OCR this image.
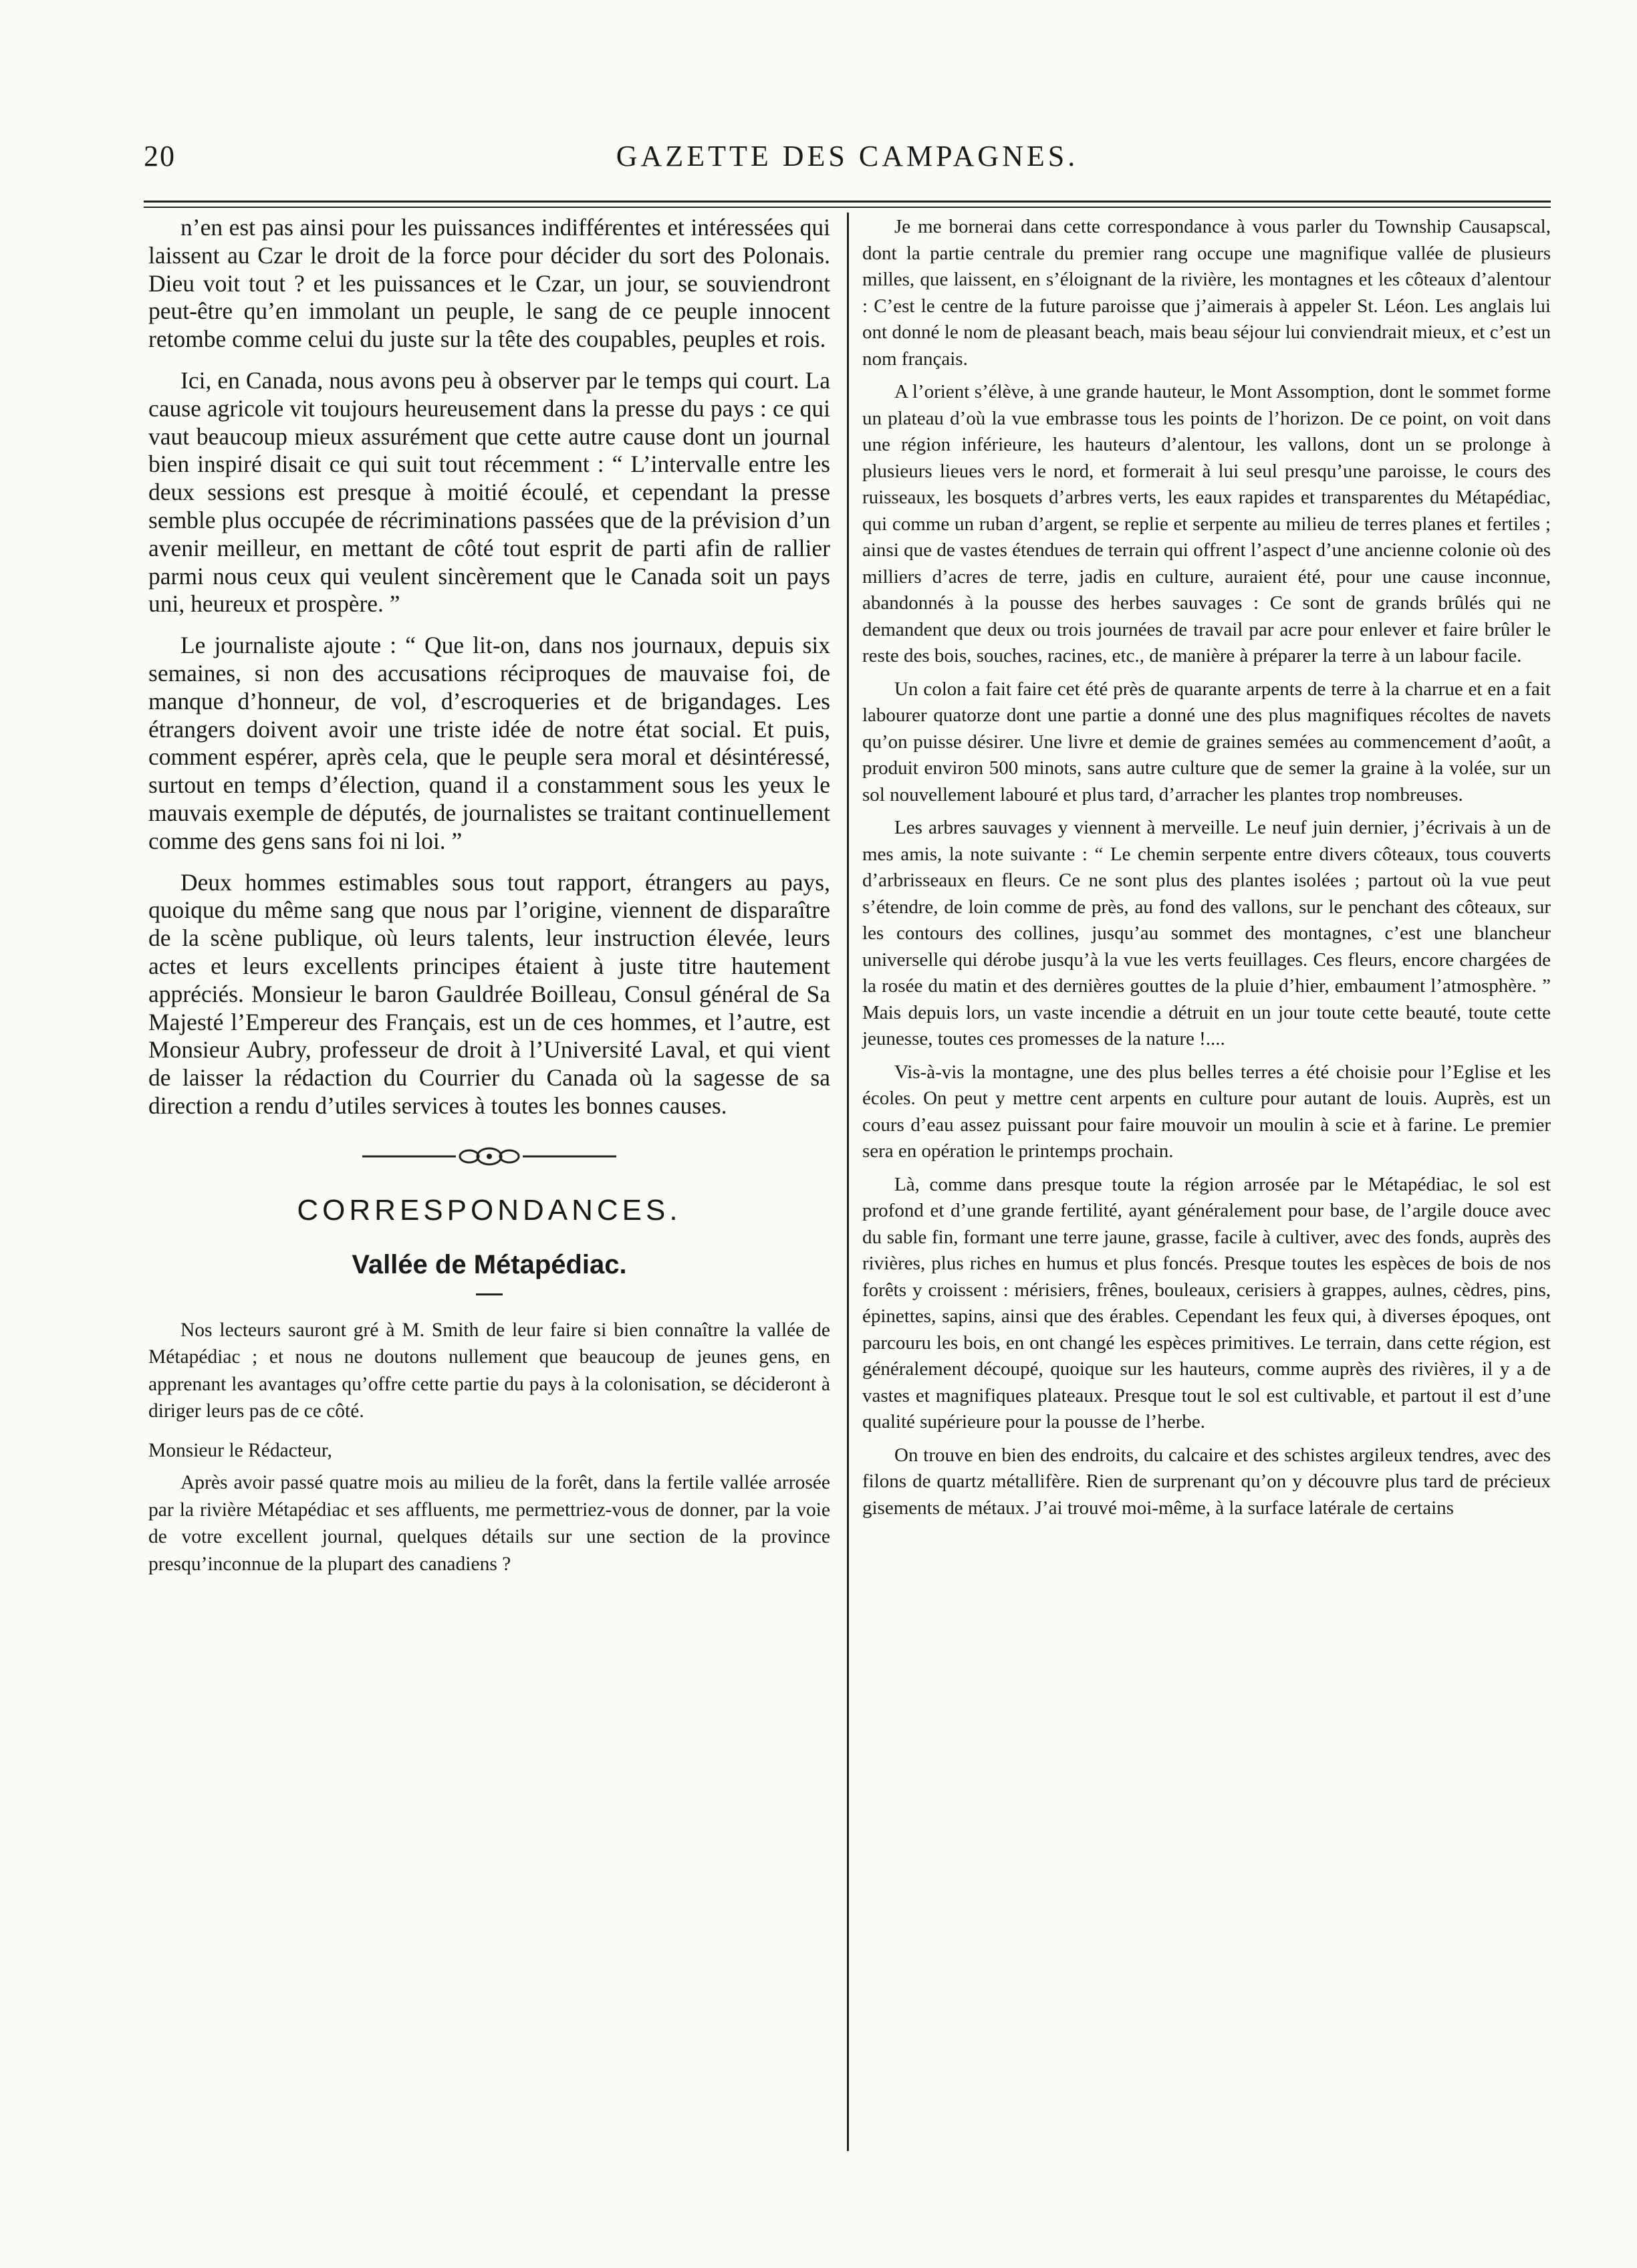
20	GAZETTE DES CAMPAGNES.

n’en est pas ainsi pour les puissances indifférentes et intéressées qui laissent au Czar le droit de la force pour décider du sort des Polonais. Dieu voit tout ? et les puissances et le Czar, un jour, se souviendront peut-être qu’en immolant un peuple, le sang de ce peuple innocent retombe comme celui du juste sur la tête des coupables, peuples et rois.

Ici, en Canada, nous avons peu à observer par le temps qui court. La cause agricole vit toujours heureusement dans la presse du pays : ce qui vaut beaucoup mieux assurément que cette autre cause dont un journal bien inspiré disait ce qui suit tout récemment : “ L’intervalle entre les deux sessions est presque à moitié écoulé, et cependant la presse semble plus occupée de récriminations passées que de la prévision d’un avenir meilleur, en mettant de côté tout esprit de parti afin de rallier parmi nous ceux qui veulent sincèrement que le Canada soit un pays uni, heureux et prospère. ”

Le journaliste ajoute : “ Que lit-on, dans nos journaux, depuis six semaines, si non des accusations réciproques de mauvaise foi, de manque d’honneur, de vol, d’escroqueries et de brigandages. Les étrangers doivent avoir une triste idée de notre état social. Et puis, comment espérer, après cela, que le peuple sera moral et désintéressé, surtout en temps d’élection, quand il a constamment sous les yeux le mauvais exemple de députés, de journalistes se traitant continuellement comme des gens sans foi ni loi. ”

Deux hommes estimables sous tout rapport, étrangers au pays, quoique du même sang que nous par l’origine, viennent de disparaître de la scène publique, où leurs talents, leur instruction élevée, leurs actes et leurs excellents principes étaient à juste titre hautement appréciés. Monsieur le baron Gauldrée Boilleau, Consul général de Sa Majesté l’Empereur des Français, est un de ces hommes, et l’autre, est Monsieur Aubry, professeur de droit à l’Université Laval, et qui vient de laisser la rédaction du Courrier du Canada où la sagesse de sa direction a rendu d’utiles services à toutes les bonnes causes.

CORRESPONDANCES.
Vallée de Métapédiac.

Nos lecteurs sauront gré à M. Smith de leur faire si bien connaître la vallée de Métapédiac ; et nous ne doutons nullement que beaucoup de jeunes gens, en apprenant les avantages qu’offre cette partie du pays à la colonisation, se décideront à diriger leurs pas de ce côté.

Monsieur le Rédacteur,

Après avoir passé quatre mois au milieu de la forêt, dans la fertile vallée arrosée par la rivière Métapédiac et ses affluents, me permettriez-vous de donner, par la voie de votre excellent journal, quelques détails sur une section de la province presqu’inconnue de la plupart des canadiens ?

Je me bornerai dans cette correspondance à vous parler du Township Causapscal, dont la partie centrale du premier rang occupe une magnifique vallée de plusieurs milles, que laissent, en s’éloignant de la rivière, les montagnes et les côteaux d’alentour : C’est le centre de la future paroisse que j’aimerais à appeler St. Léon. Les anglais lui ont donné le nom de pleasant beach, mais beau séjour lui conviendrait mieux, et c’est un nom français.

A l’orient s’élève, à une grande hauteur, le Mont Assomption, dont le sommet forme un plateau d’où la vue embrasse tous les points de l’horizon. De ce point, on voit dans une région inférieure, les hauteurs d’alentour, les vallons, dont un se prolonge à plusieurs lieues vers le nord, et formerait à lui seul presqu’une paroisse, le cours des ruisseaux, les bosquets d’arbres verts, les eaux rapides et transparentes du Métapédiac, qui comme un ruban d’argent, se replie et serpente au milieu de terres planes et fertiles ; ainsi que de vastes étendues de terrain qui offrent l’aspect d’une ancienne colonie où des milliers d’acres de terre, jadis en culture, auraient été, pour une cause inconnue, abandonnés à la pousse des herbes sauvages : Ce sont de grands brûlés qui ne demandent que deux ou trois journées de travail par acre pour enlever et faire brûler le reste des bois, souches, racines, etc., de manière à préparer la terre à un labour facile.

Un colon a fait faire cet été près de quarante arpents de terre à la charrue et en a fait labourer quatorze dont une partie a donné une des plus magnifiques récoltes de navets qu’on puisse désirer. Une livre et demie de graines semées au commencement d’août, a produit environ 500 minots, sans autre culture que de semer la graine à la volée, sur un sol nouvellement labouré et plus tard, d’arracher les plantes trop nombreuses.

Les arbres sauvages y viennent à merveille. Le neuf juin dernier, j’écrivais à un de mes amis, la note suivante : “ Le chemin serpente entre divers côteaux, tous couverts d’arbrisseaux en fleurs. Ce ne sont plus des plantes isolées ; partout où la vue peut s’étendre, de loin comme de près, au fond des vallons, sur le penchant des côteaux, sur les contours des collines, jusqu’au sommet des montagnes, c’est une blancheur universelle qui dérobe jusqu’à la vue les verts feuillages. Ces fleurs, encore chargées de la rosée du matin et des dernières gouttes de la pluie d’hier, embaument l’atmosphère. ” Mais depuis lors, un vaste incendie a détruit en un jour toute cette beauté, toute cette jeunesse, toutes ces promesses de la nature !....

Vis-à-vis la montagne, une des plus belles terres a été choisie pour l’Eglise et les écoles. On peut y mettre cent arpents en culture pour autant de louis. Auprès, est un cours d’eau assez puissant pour faire mouvoir un moulin à scie et à farine. Le premier sera en opération le printemps prochain.

Là, comme dans presque toute la région arrosée par le Métapédiac, le sol est profond et d’une grande fertilité, ayant généralement pour base, de l’argile douce avec du sable fin, formant une terre jaune, grasse, facile à cultiver, avec des fonds, auprès des rivières, plus riches en humus et plus foncés. Presque toutes les espèces de bois de nos forêts y croissent : mérisiers, frênes, bouleaux, cerisiers à grappes, aulnes, cèdres, pins, épinettes, sapins, ainsi que des érables. Cependant les feux qui, à diverses époques, ont parcouru les bois, en ont changé les espèces primitives. Le terrain, dans cette région, est généralement découpé, quoique sur les hauteurs, comme auprès des rivières, il y a de vastes et magnifiques plateaux. Presque tout le sol est cultivable, et partout il est d’une qualité supérieure pour la pousse de l’herbe.

On trouve en bien des endroits, du calcaire et des schistes argileux tendres, avec des filons de quartz métallifère. Rien de surprenant qu’on y découvre plus tard de précieux gisements de métaux. J’ai trouvé moi-même, à la surface latérale de certains
